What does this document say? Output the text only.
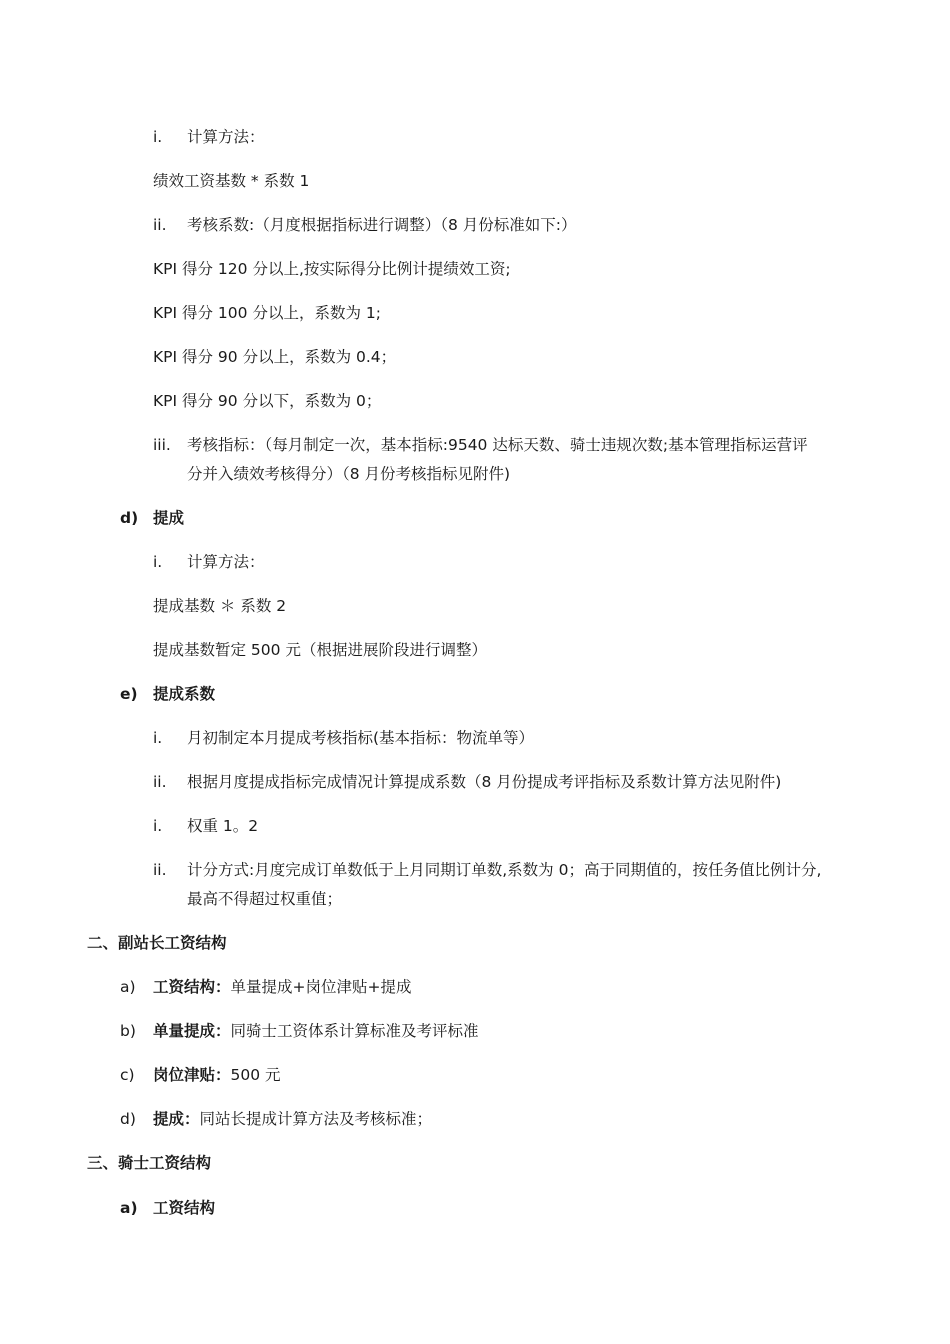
i. 计算方法：
绩效工资基数 * 系数 1
ii. 考核系数:（月度根据指标进行调整）（8 月份标准如下:）
KPI 得分 120 分以上,按实际得分比例计提绩效工资;
KPI 得分 100 分以上，系数为 1;
KPI 得分 90 分以上，系数为 0.4；
KPI 得分 90 分以下，系数为 0；
iii. 考核指标：（每月制定一次，基本指标:9540 达标天数、骑士违规次数;基本管理指标运营评
分并入绩效考核得分）（8 月份考核指标见附件)
d) 提成
i. 计算方法：
提成基数 ＊ 系数 2
提成基数暂定 500 元（根据进展阶段进行调整）
e) 提成系数
i. 月初制定本月提成考核指标(基本指标：物流单等）
ii. 根据月度提成指标完成情况计算提成系数（8 月份提成考评指标及系数计算方法见附件)
i. 权重 1。2
ii. 计分方式:月度完成订单数低于上月同期订单数,系数为 0；高于同期值的，按任务值比例计分,
最高不得超过权重值；
二、副站长工资结构
a) 工资结构：单量提成+岗位津贴+提成
b) 单量提成：同骑士工资体系计算标准及考评标准
c) 岗位津贴：500 元
d) 提成：同站长提成计算方法及考核标准；
三、骑士工资结构
a) 工资结构
